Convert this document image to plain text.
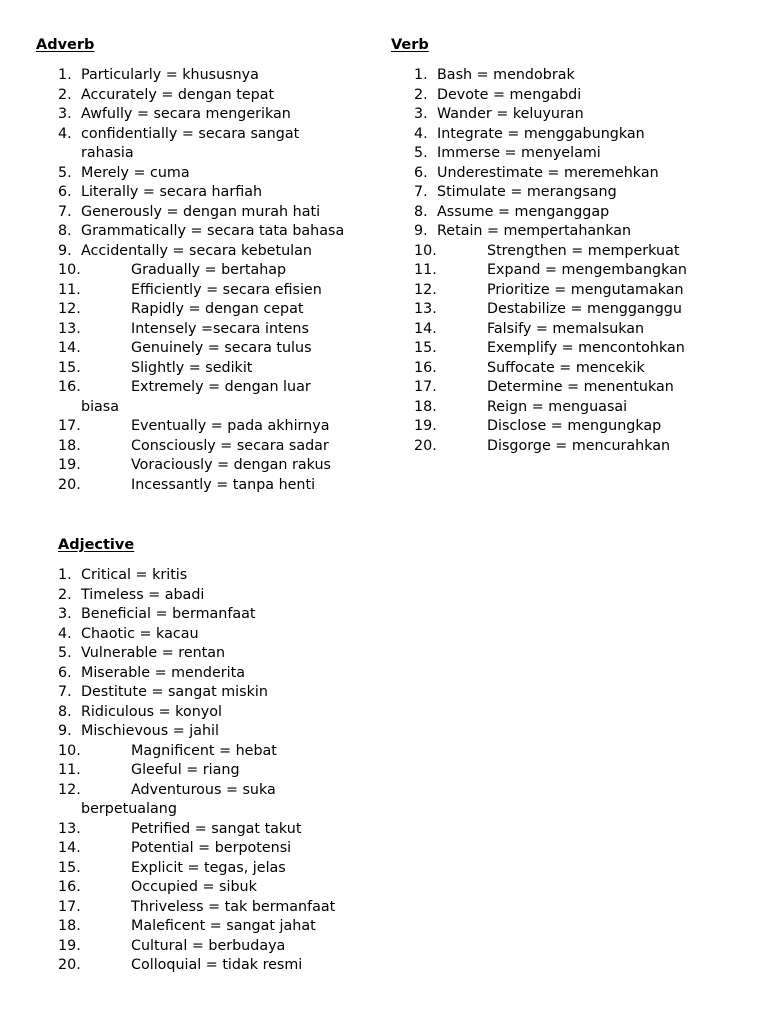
Adverb
1. Particularly = khususnya
2. Accurately = dengan tepat
3. Awfully = secara mengerikan
4. confidentially = secara sangat
rahasia
5. Merely = cuma
6. Literally = secara harfiah
7. Generously = dengan murah hati
8. Grammatically = secara tata bahasa
9. Accidentally = secara kebetulan
10.	Gradually = bertahap
11.	Efficiently = secara efisien
12.	Rapidly = dengan cepat
13.	Intensely =secara intens
14.	Genuinely = secara tulus
15.	Slightly = sedikit
16.	Extremely = dengan luar
biasa
17.	Eventually = pada akhirnya
18.	Consciously = secara sadar
19.	Voraciously = dengan rakus
20.	Incessantly = tanpa henti
Verb
1. Bash = mendobrak
2. Devote = mengabdi
3. Wander = keluyuran
4. Integrate = menggabungkan
5. Immerse = menyelami
6. Underestimate = meremehkan
7. Stimulate = merangsang
8. Assume = menganggap
9. Retain = mempertahankan
10.	Strengthen = memperkuat
11.	Expand = mengembangkan
12.	Prioritize = mengutamakan
13.	Destabilize = mengganggu
14.	Falsify = memalsukan
15.	Exemplify = mencontohkan
16.	Suffocate = mencekik
17.	Determine = menentukan
18.	Reign = menguasai
19.	Disclose = mengungkap
20.	Disgorge = mencurahkan
Adjective
1. Critical = kritis
2. Timeless = abadi
3. Beneficial = bermanfaat
4. Chaotic = kacau
5. Vulnerable = rentan
6. Miserable = menderita
7. Destitute = sangat miskin
8. Ridiculous = konyol
9. Mischievous = jahil
10.	Magnificent = hebat
11.	Gleeful = riang
12.	Adventurous = suka
berpetualang
13.	Petrified = sangat takut
14.	Potential = berpotensi
15.	Explicit = tegas, jelas
16.	Occupied = sibuk
17.	Thriveless = tak bermanfaat
18.	Maleficent = sangat jahat
19.	Cultural = berbudaya
20.	Colloquial = tidak resmi
